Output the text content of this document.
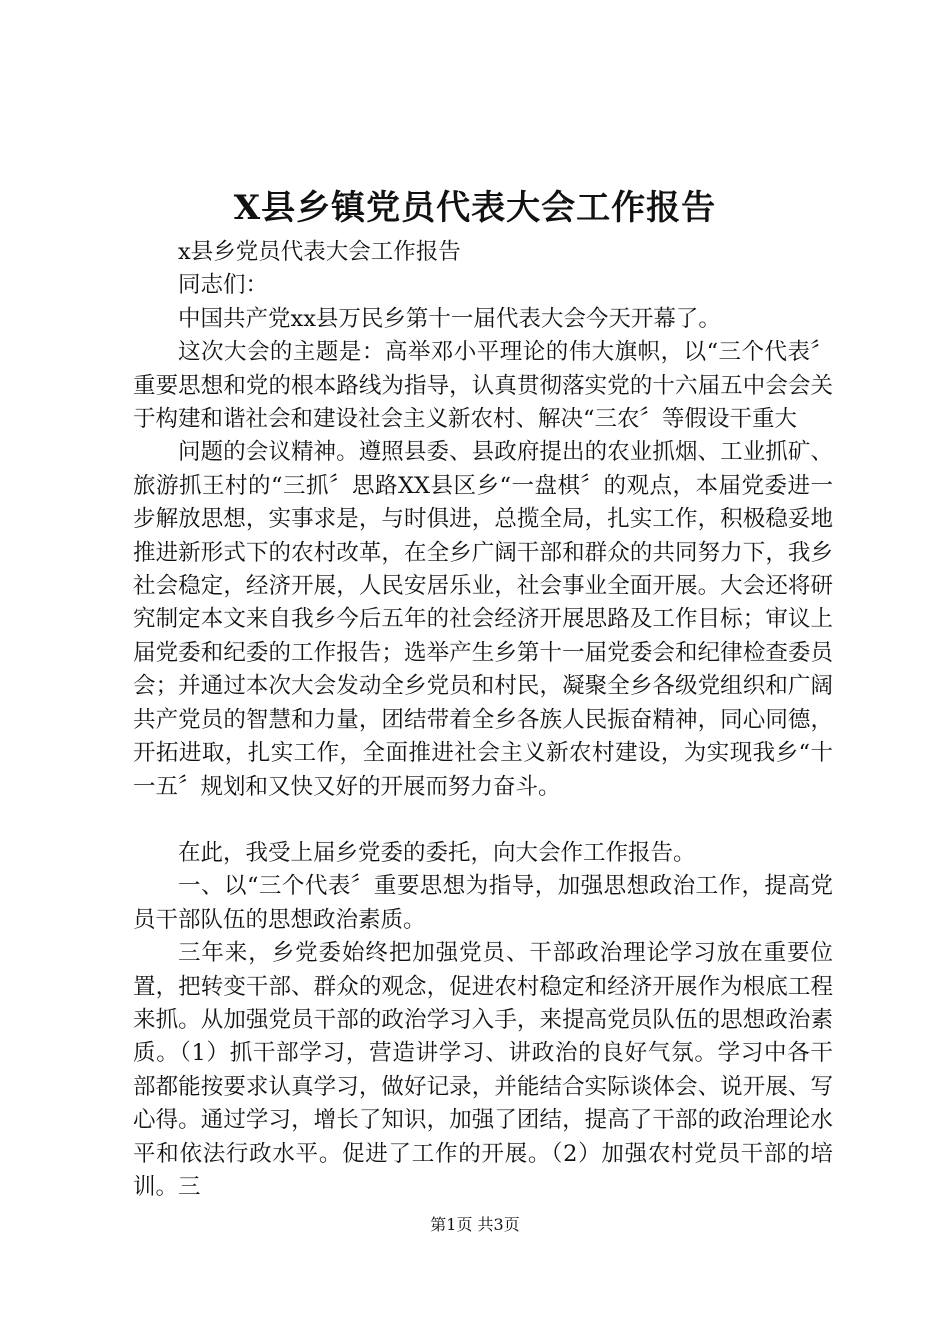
X县乡镇党员代表大会工作报告

x县乡党员代表大会工作报告

同志们：

中国共产党xx县万民乡第十一届代表大会今天开幕了。

这次大会的主题是：高举邓小平理论的伟大旗帜，以“三个代表〞重要思想和党的根本路线为指导，认真贯彻落实党的十六届五中会会关于构建和谐社会和建设社会主义新农村、解决“三农〞等假设干重大

问题的会议精神。遵照县委、县政府提出的农业抓烟、工业抓矿、旅游抓王村的“三抓〞思路XX县区乡“一盘棋〞的观点，本届党委进一步解放思想，实事求是，与时俱进，总揽全局，扎实工作，积极稳妥地推进新形式下的农村改革，在全乡广阔干部和群众的共同努力下，我乡社会稳定，经济开展，人民安居乐业，社会事业全面开展。大会还将研究制定本文来自我乡今后五年的社会经济开展思路及工作目标；审议上届党委和纪委的工作报告；选举产生乡第十一届党委会和纪律检查委员会；并通过本次大会发动全乡党员和村民，凝聚全乡各级党组织和广阔共产党员的智慧和力量，团结带着全乡各族人民振奋精神，同心同德，开拓进取，扎实工作，全面推进社会主义新农村建设，为实现我乡“十一五〞规划和又快又好的开展而努力奋斗。

在此，我受上届乡党委的委托，向大会作工作报告。

一、以“三个代表〞重要思想为指导，加强思想政治工作，提高党员干部队伍的思想政治素质。

三年来，乡党委始终把加强党员、干部政治理论学习放在重要位置，把转变干部、群众的观念，促进农村稳定和经济开展作为根底工程来抓。从加强党员干部的政治学习入手，来提高党员队伍的思想政治素质。（1）抓干部学习，营造讲学习、讲政治的良好气氛。学习中各干部都能按要求认真学习，做好记录，并能结合实际谈体会、说开展、写心得。通过学习，增长了知识，加强了团结，提高了干部的政治理论水平和依法行政水平。促进了工作的开展。（2）加强农村党员干部的培训。三

第1页 共3页
